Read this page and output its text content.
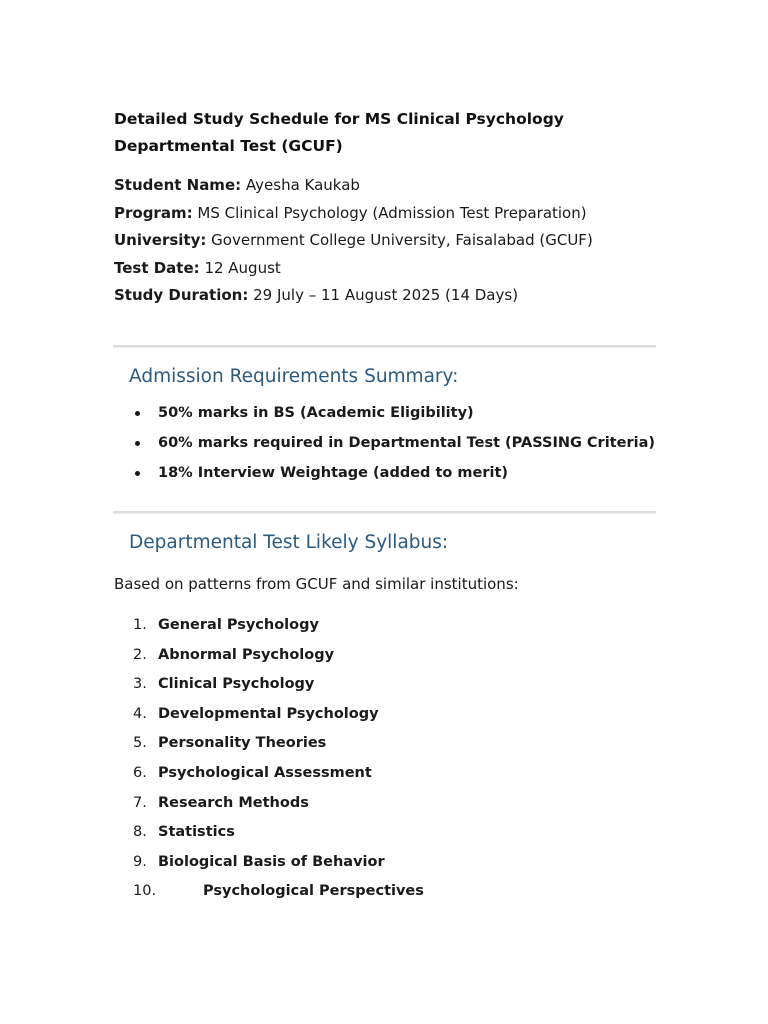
Detailed Study Schedule for MS Clinical Psychology Departmental Test (GCUF)

Student Name: Ayesha Kaukab

Program: MS Clinical Psychology (Admission Test Preparation)

University: Government College University, Faisalabad (GCUF)

Test Date: 12 August

Study Duration: 29 July – 11 August 2025 (14 Days)

Admission Requirements Summary:
50% marks in BS (Academic Eligibility)
60% marks required in Departmental Test (PASSING Criteria)
18% Interview Weightage (added to merit)
Departmental Test Likely Syllabus:

Based on patterns from GCUF and similar institutions:

1. General Psychology
2. Abnormal Psychology
3. Clinical Psychology
4. Developmental Psychology
5. Personality Theories
6. Psychological Assessment
7. Research Methods
8. Statistics
9. Biological Basis of Behavior
10.	Psychological Perspectives
